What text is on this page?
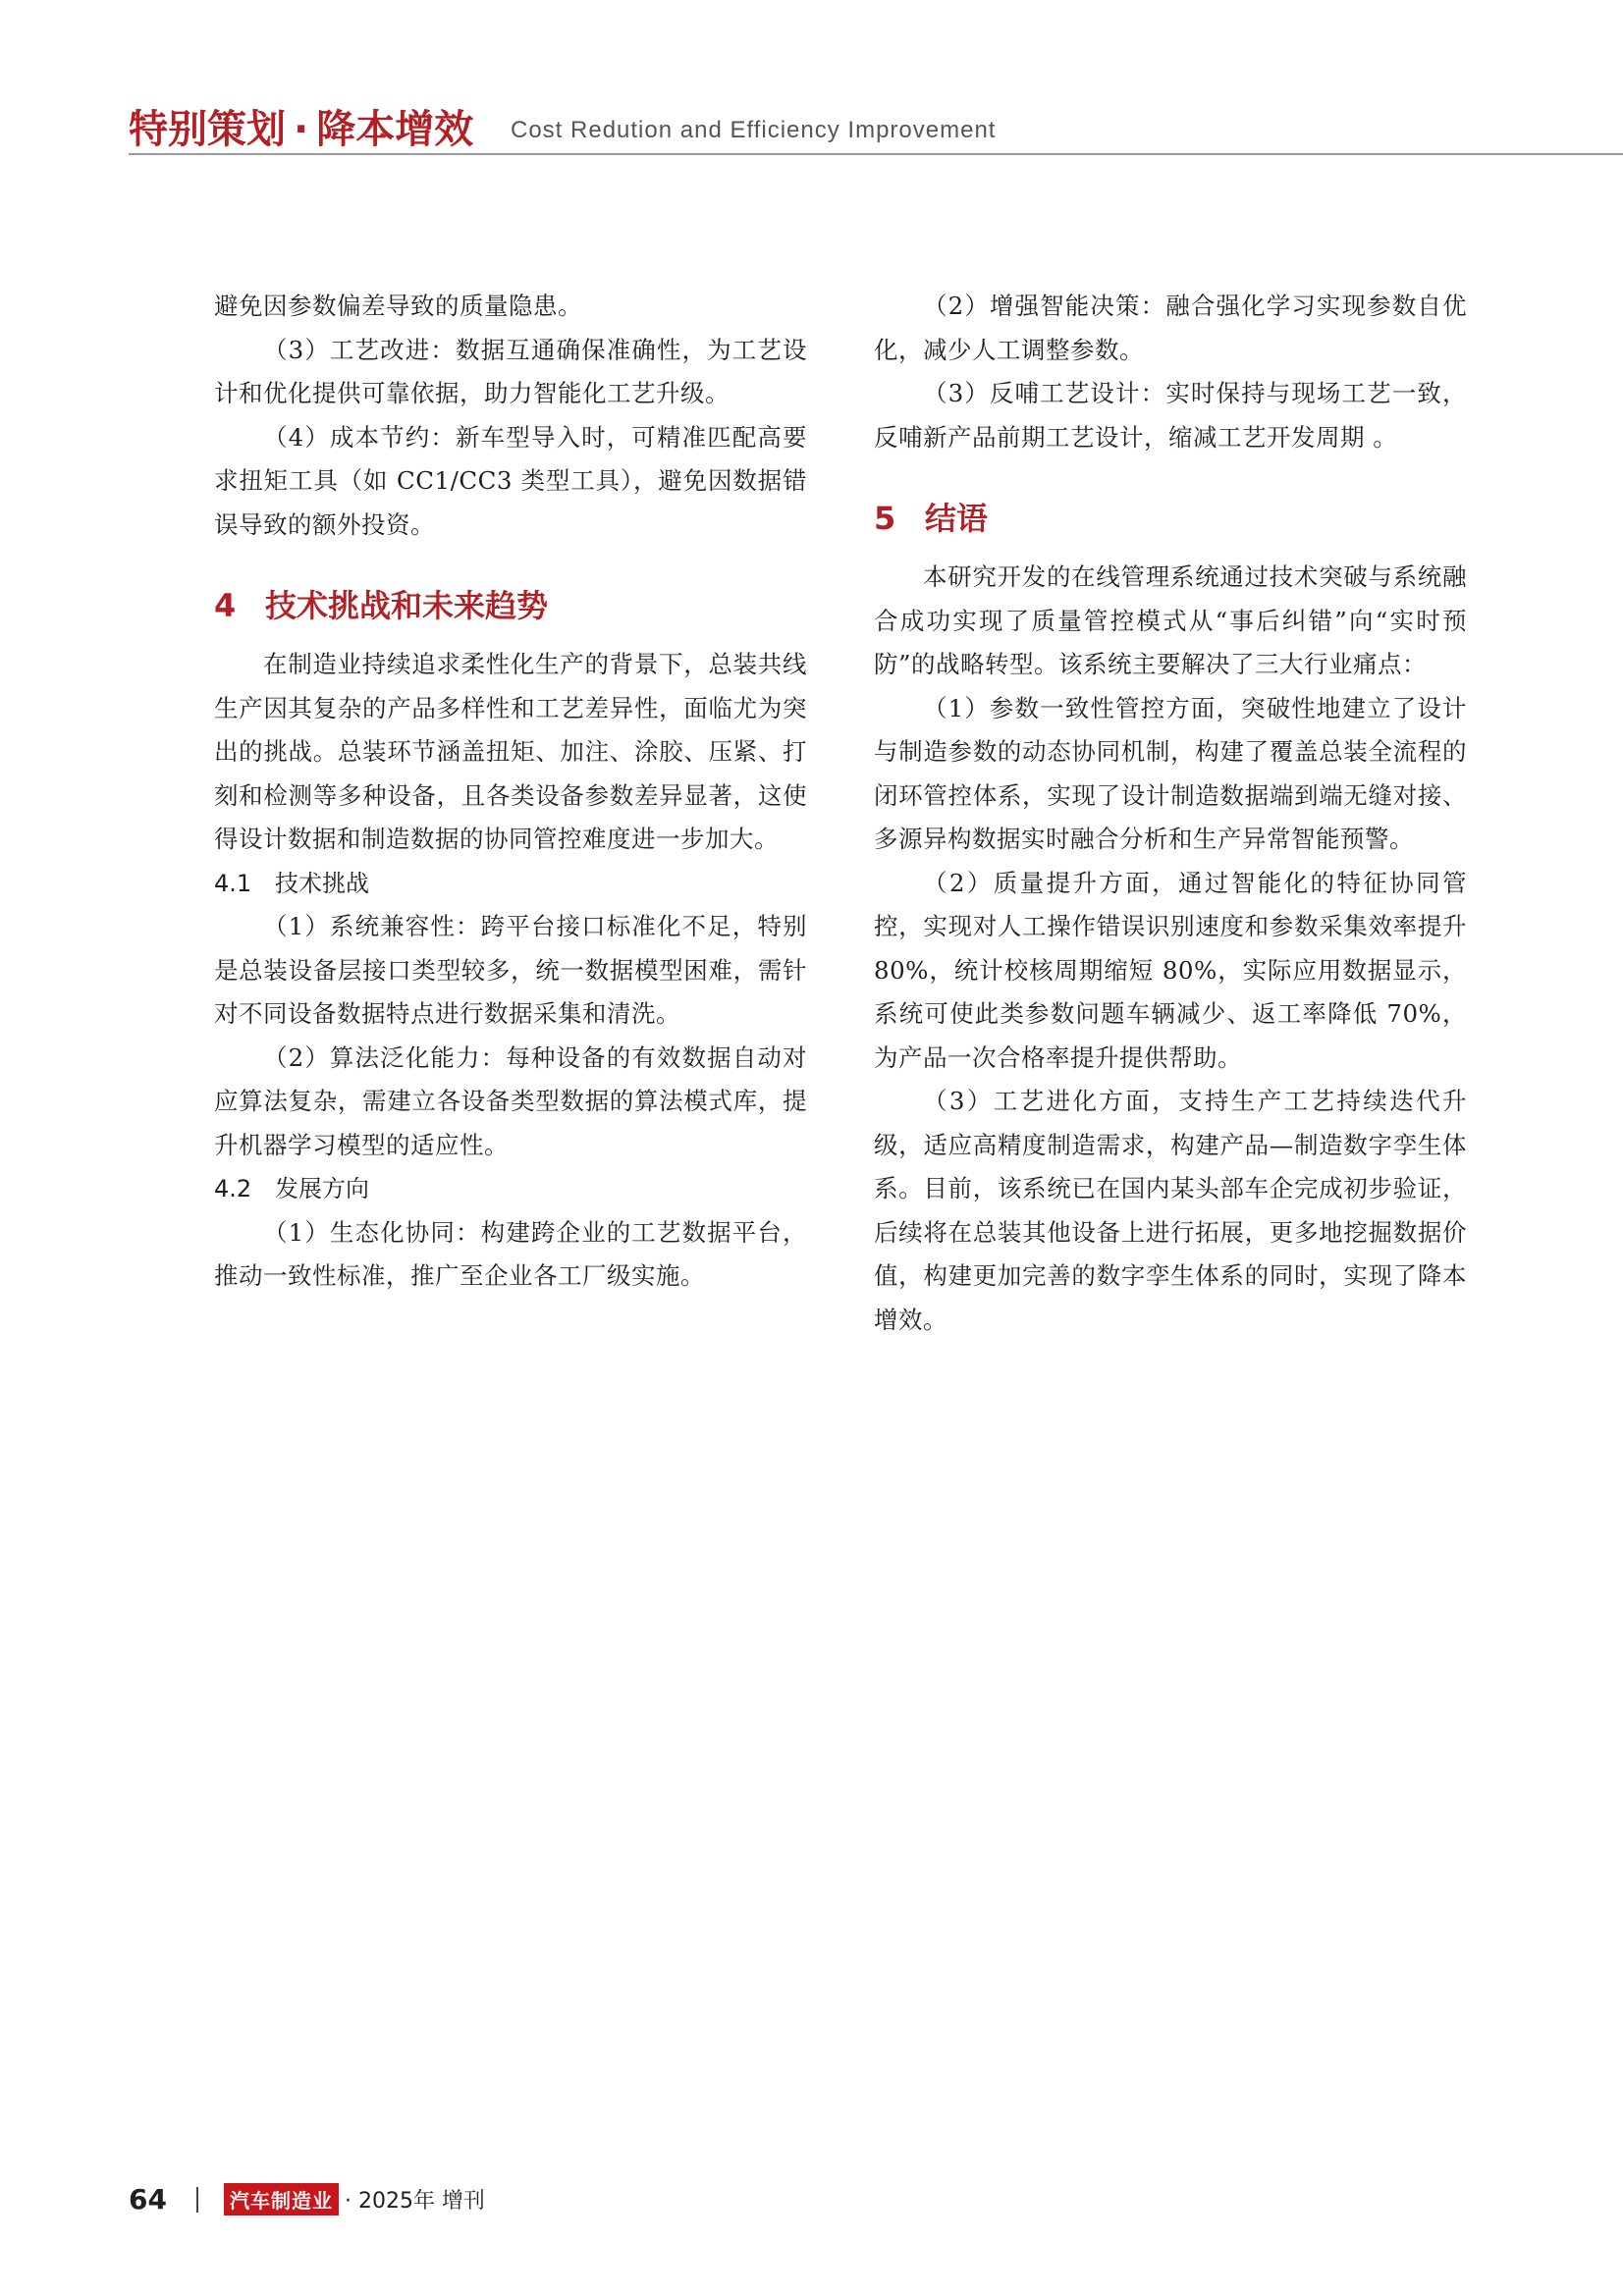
特别策划 · 降本增效 Cost Redution and Efficiency Improvement

避免因参数偏差导致的质量隐患。

（3）工艺改进：数据互通确保准确性，为工艺设计和优化提供可靠依据，助力智能化工艺升级。

（4）成本节约：新车型导入时，可精准匹配高要求扭矩工具（如 CC1/CC3 类型工具），避免因数据错误导致的额外投资。

4 技术挑战和未来趋势

在制造业持续追求柔性化生产的背景下，总装共线生产因其复杂的产品多样性和工艺差异性，面临尤为突出的挑战。总装环节涵盖扭矩、加注、涂胶、压紧、打刻和检测等多种设备，且各类设备参数差异显著，这使得设计数据和制造数据的协同管控难度进一步加大。

4.1 技术挑战

（1）系统兼容性：跨平台接口标准化不足，特别是总装设备层接口类型较多，统一数据模型困难，需针对不同设备数据特点进行数据采集和清洗。

（2）算法泛化能力：每种设备的有效数据自动对应算法复杂，需建立各设备类型数据的算法模式库，提升机器学习模型的适应性。

4.2 发展方向

（1）生态化协同：构建跨企业的工艺数据平台，推动一致性标准，推广至企业各工厂级实施。

（2）增强智能决策：融合强化学习实现参数自优化，减少人工调整参数。

（3）反哺工艺设计：实时保持与现场工艺一致，反哺新产品前期工艺设计，缩减工艺开发周期 。

5 结语

本研究开发的在线管理系统通过技术突破与系统融合成功实现了质量管控模式从“事后纠错”向“实时预防”的战略转型。该系统主要解决了三大行业痛点：

（1）参数一致性管控方面，突破性地建立了设计与制造参数的动态协同机制，构建了覆盖总装全流程的闭环管控体系，实现了设计制造数据端到端无缝对接、多源异构数据实时融合分析和生产异常智能预警。

（2）质量提升方面，通过智能化的特征协同管控，实现对人工操作错误识别速度和参数采集效率提升80%，统计校核周期缩短 80%，实际应用数据显示，系统可使此类参数问题车辆减少、返工率降低 70%，为产品一次合格率提升提供帮助。

（3）工艺进化方面，支持生产工艺持续迭代升级，适应高精度制造需求，构建产品—制造数字孪生体系。目前，该系统已在国内某头部车企完成初步验证，后续将在总装其他设备上进行拓展，更多地挖掘数据价值，构建更加完善的数字孪生体系的同时，实现了降本增效。

64	汽车制造业 · 2025年 增刊
